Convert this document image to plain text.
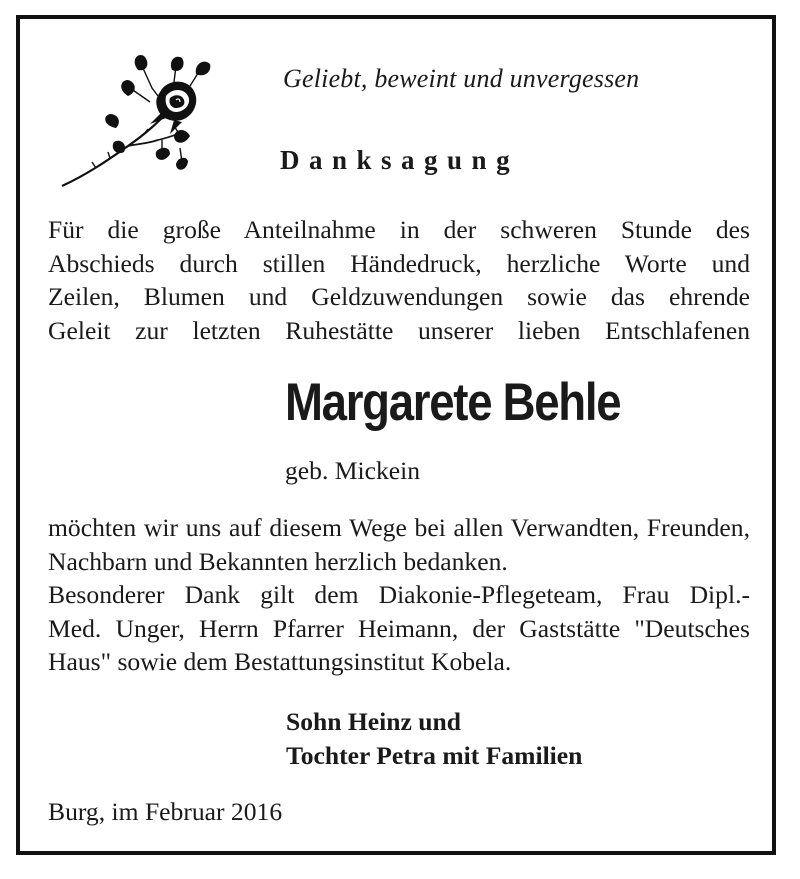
Geliebt, beweint und unvergessen
Danksagung
Für die große Anteilnahme in der schweren Stunde des
Abschieds durch stillen Händedruck, herzliche Worte und
Zeilen, Blumen und Geldzuwendungen sowie das ehrende
Geleit zur letzten Ruhestätte unserer lieben Entschlafenen
Margarete Behle
geb. Mickein
möchten wir uns auf diesem Wege bei allen Verwandten, Freunden,
Nachbarn und Bekannten herzlich bedanken.
Besonderer Dank gilt dem Diakonie-Pflegeteam, Frau Dipl.-
Med. Unger, Herrn Pfarrer Heimann, der Gaststätte "Deutsches
Haus" sowie dem Bestattungsinstitut Kobela.
Sohn Heinz und
Tochter Petra mit Familien
Burg, im Februar 2016
